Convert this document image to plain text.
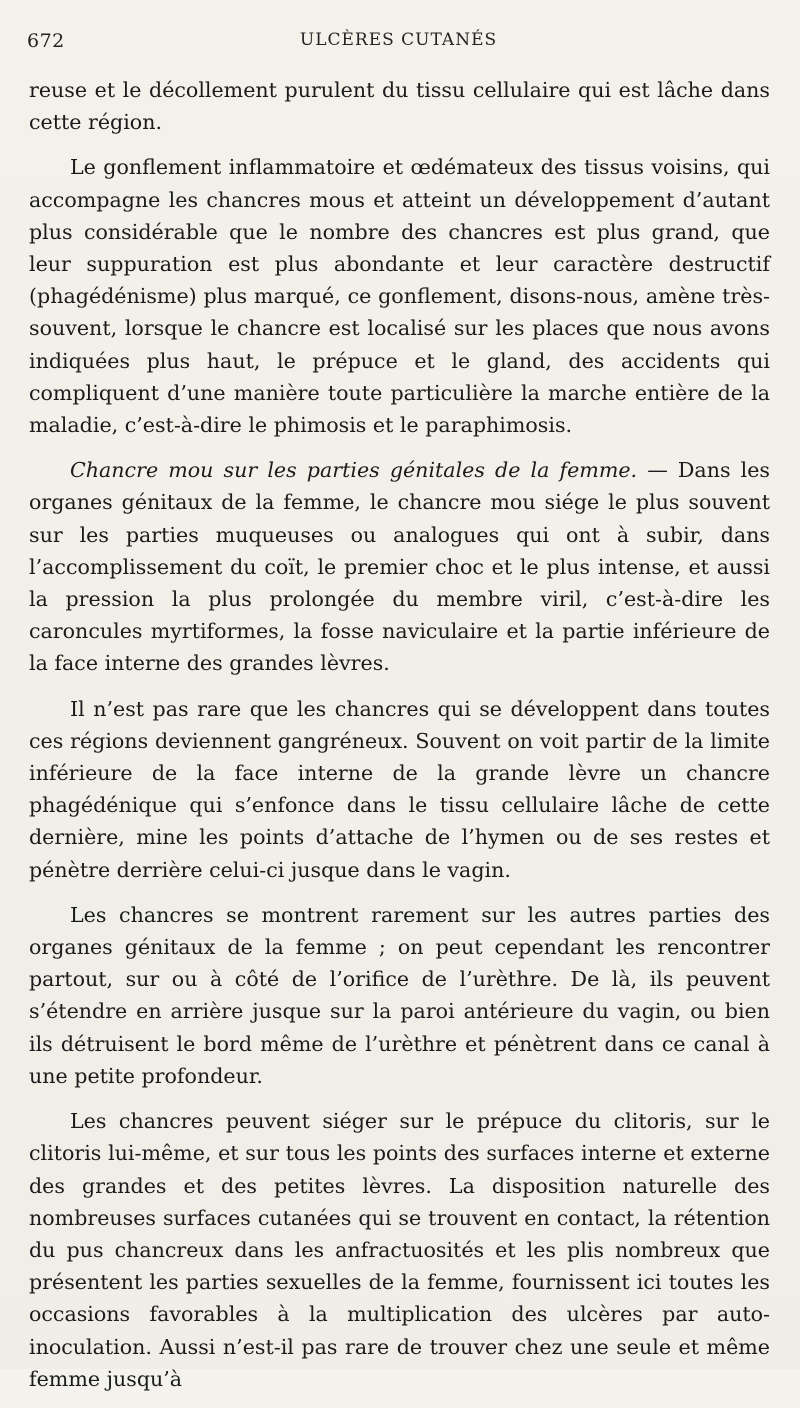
672	ULCÈRES CUTANÉS

reuse et le décollement purulent du tissu cellulaire qui est lâche dans cette région.

Le gonflement inflammatoire et œdémateux des tissus voisins, qui accompagne les chancres mous et atteint un développement d’autant plus considérable que le nombre des chancres est plus grand, que leur suppuration est plus abondante et leur caractère destructif (phagédénisme) plus marqué, ce gonflement, disons-nous, amène très-souvent, lorsque le chancre est localisé sur les places que nous avons indiquées plus haut, le prépuce et le gland, des accidents qui compliquent d’une manière toute particulière la marche entière de la maladie, c’est-à-dire le phimosis et le paraphimosis.

Chancre mou sur les parties génitales de la femme. — Dans les organes génitaux de la femme, le chancre mou siége le plus souvent sur les parties muqueuses ou analogues qui ont à subir, dans l’accomplissement du coït, le premier choc et le plus intense, et aussi la pression la plus prolongée du membre viril, c’est-à-dire les caroncules myrtiformes, la fosse naviculaire et la partie inférieure de la face interne des grandes lèvres.

Il n’est pas rare que les chancres qui se développent dans toutes ces régions deviennent gangréneux. Souvent on voit partir de la limite inférieure de la face interne de la grande lèvre un chancre phagédénique qui s’enfonce dans le tissu cellulaire lâche de cette dernière, mine les points d’attache de l’hymen ou de ses restes et pénètre derrière celui-ci jusque dans le vagin.

Les chancres se montrent rarement sur les autres parties des organes génitaux de la femme ; on peut cependant les rencontrer partout, sur ou à côté de l’orifice de l’urèthre. De là, ils peuvent s’étendre en arrière jusque sur la paroi antérieure du vagin, ou bien ils détruisent le bord même de l’urèthre et pénètrent dans ce canal à une petite profondeur.

Les chancres peuvent siéger sur le prépuce du clitoris, sur le clitoris lui-même, et sur tous les points des surfaces interne et externe des grandes et des petites lèvres. La disposition naturelle des nombreuses surfaces cutanées qui se trouvent en contact, la rétention du pus chancreux dans les anfractuosités et les plis nombreux que présentent les parties sexuelles de la femme, fournissent ici toutes les occasions favorables à la multiplication des ulcères par auto-inoculation. Aussi n’est-il pas rare de trouver chez une seule et même femme jusqu’à
